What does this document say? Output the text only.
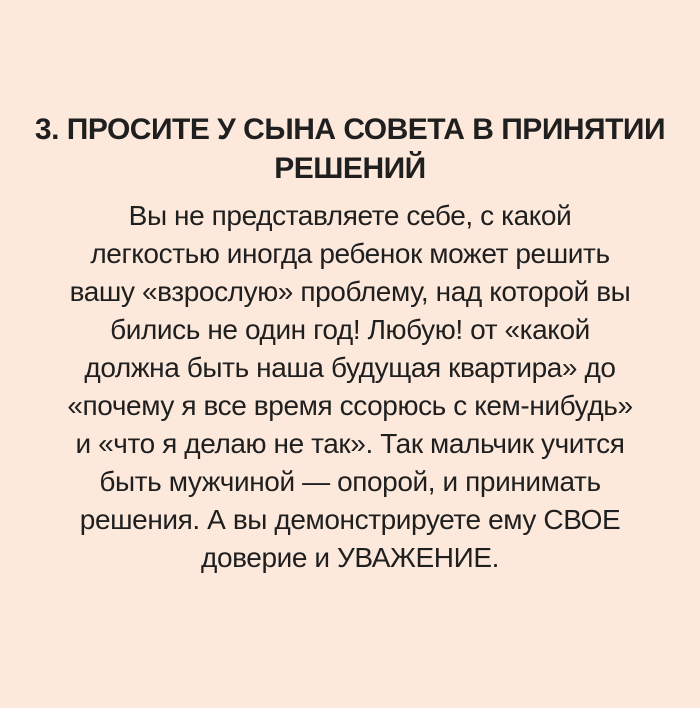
3. ПРОСИТЕ У СЫНА СОВЕТА В ПРИНЯТИИ
РЕШЕНИЙ
Вы не представляете себе, с какой
легкостью иногда ребенок может решить
вашу «взрослую» проблему, над которой вы
бились не один год! Любую! от «какой
должна быть наша будущая квартира» до
«почему я все время ссорюсь с кем-нибудь»
и «что я делаю не так». Так мальчик учится
быть мужчиной — опорой, и принимать
решения. А вы демонстрируете ему СВОЕ
доверие и УВАЖЕНИЕ.
